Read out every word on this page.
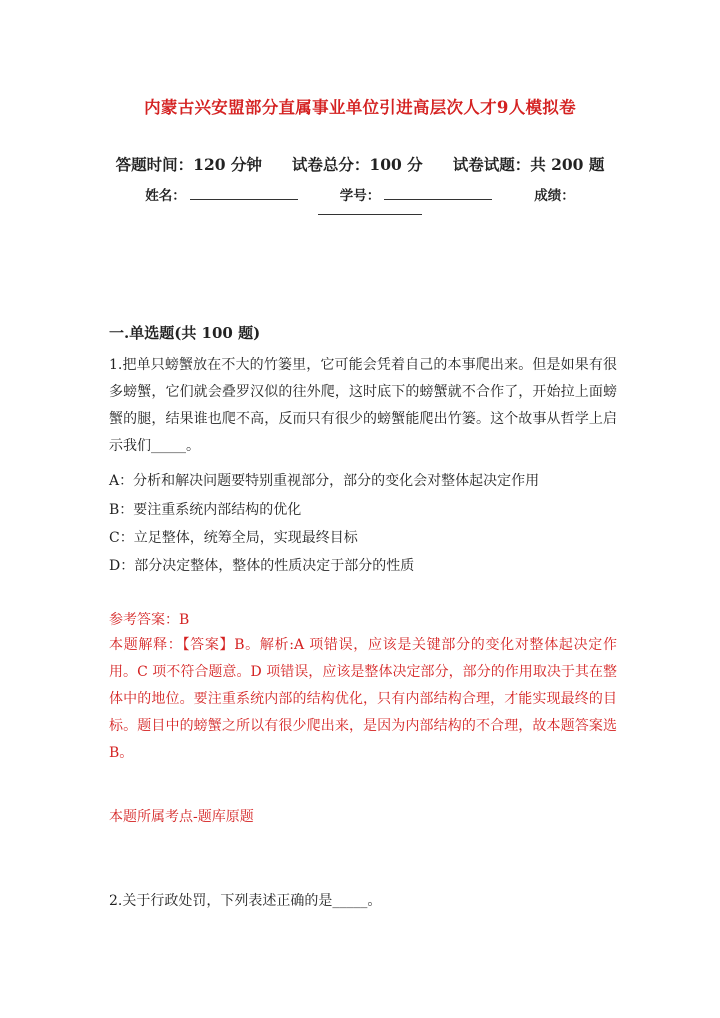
内蒙古兴安盟部分直属事业单位引进高层次人才9人模拟卷
答题时间：120 分钟 试卷总分：100 分 试卷试题：共 200 题
姓名：	学号：	成绩：
一.单选题(共 100 题)
1.把单只螃蟹放在不大的竹篓里，它可能会凭着自己的本事爬出来。但是如果有很多螃蟹，它们就会叠罗汉似的往外爬，这时底下的螃蟹就不合作了，开始拉上面螃蟹的腿，结果谁也爬不高，反而只有很少的螃蟹能爬出竹篓。这个故事从哲学上启示我们_____。
A：分析和解决问题要特别重视部分，部分的变化会对整体起决定作用
B：要注重系统内部结构的优化
C：立足整体，统筹全局，实现最终目标
D：部分决定整体，整体的性质决定于部分的性质
参考答案：B
本题解释：【答案】B。解析:A 项错误，应该是关键部分的变化对整体起决定作用。C 项不符合题意。D 项错误，应该是整体决定部分，部分的作用取决于其在整体中的地位。要注重系统内部的结构优化，只有内部结构合理，才能实现最终的目标。题目中的螃蟹之所以有很少爬出来，是因为内部结构的不合理，故本题答案选 B。
本题所属考点-题库原题
2.关于行政处罚，下列表述正确的是_____。
